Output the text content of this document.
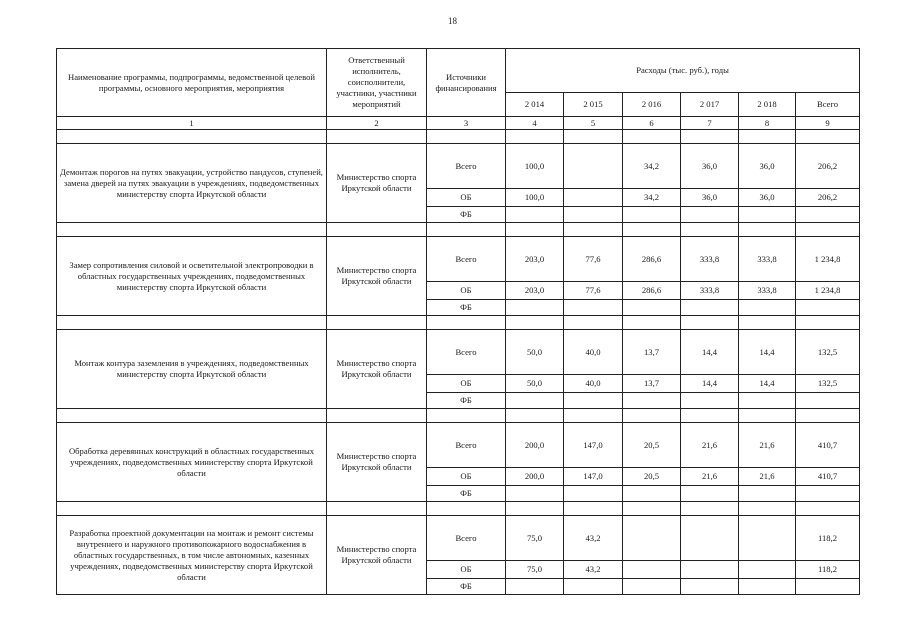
18
Наименование программы, подпрограммы, ведомственной целевой программы, основного мероприятия, мероприятия	Ответственный исполнитель, соисполнители, участники, участники мероприятий	Источники финансирования	Расходы (тыс. руб.), годы					
			2 014	2 015	2 016	2 017	2 018	Всего
1	2	3	4	5	6	7	8	9

Демонтаж порогов на путях эвакуации, устройство пандусов, ступеней, замена дверей на путях эвакуации в учреждениях, подведомственных министерству спорта Иркутской области	Министерство спорта Иркутской области	Всего	100,0		34,2	36,0	36,0	206,2
		ОБ	100,0		34,2	36,0	36,0	206,2
		ФБ						

Замер сопротивления силовой и осветительной электропроводки в областных государственных учреждениях, подведомственных министерству спорта Иркутской области	Министерство спорта Иркутской области	Всего	203,0	77,6	286,6	333,8	333,8	1 234,8
		ОБ	203,0	77,6	286,6	333,8	333,8	1 234,8
		ФБ						

Монтаж контура заземления в учреждениях, подведомственных министерству спорта Иркутской области	Министерство спорта Иркутской области	Всего	50,0	40,0	13,7	14,4	14,4	132,5
		ОБ	50,0	40,0	13,7	14,4	14,4	132,5
		ФБ						

Обработка деревянных конструкций в областных государственных учреждениях, подведомственных министерству спорта Иркутской области	Министерство спорта Иркутской области	Всего	200,0	147,0	20,5	21,6	21,6	410,7
		ОБ	200,0	147,0	20,5	21,6	21,6	410,7
		ФБ						

Разработка проектной документации на монтаж и ремонт системы внутреннего и наружного противопожарного водоснабжения в областных государственных, в том числе автономных, казенных учреждениях, подведомственных министерству спорта Иркутской области	Министерство спорта Иркутской области	Всего	75,0	43,2				118,2
		ОБ	75,0	43,2				118,2
		ФБ						
